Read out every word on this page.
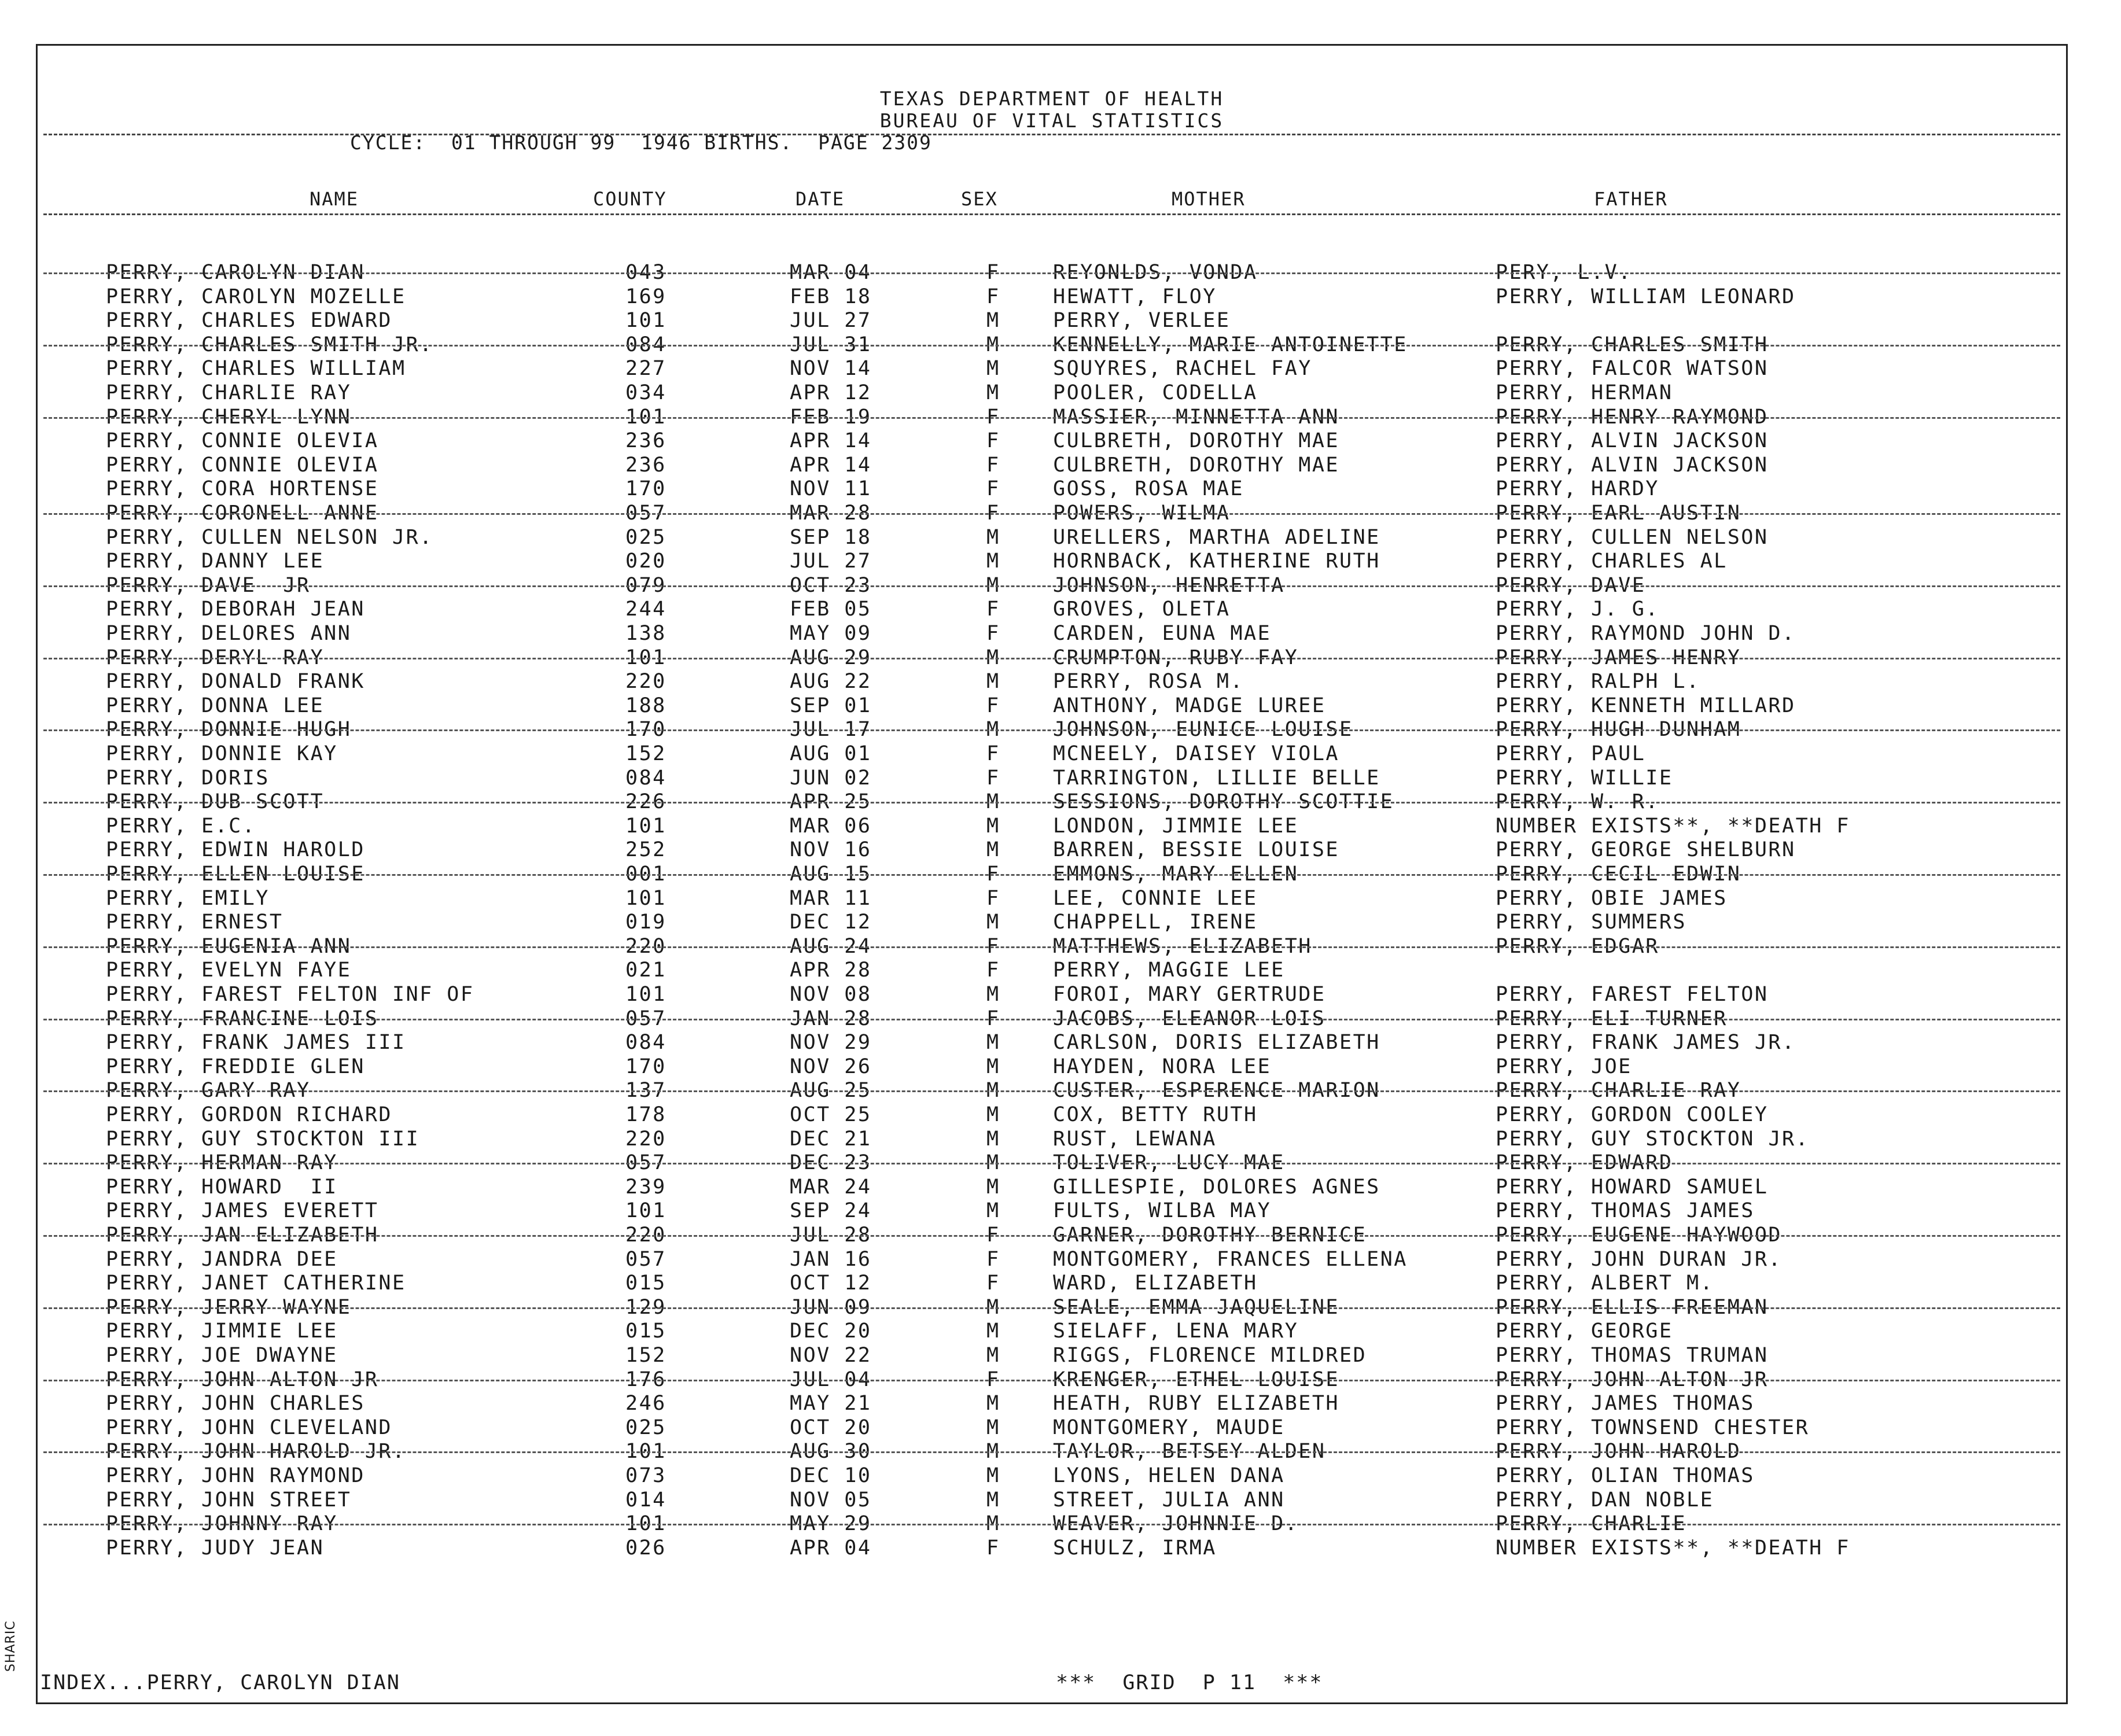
SHARIC
TEXAS DEPARTMENT OF HEALTH
BUREAU OF VITAL STATISTICS
CYCLE:  01 THROUGH 99  1946 BIRTHS.  PAGE 2309
NAME	COUNTY	DATE	SEX	MOTHER	FATHER
PERRY, CAROLYN DIAN	043	MAR 04	F	REYONLDS, VONDA	PERY, L.V.
PERRY, CAROLYN MOZELLE	169	FEB 18	F	HEWATT, FLOY	PERRY, WILLIAM LEONARD
PERRY, CHARLES EDWARD	101	JUL 27	M	PERRY, VERLEE
PERRY, CHARLES SMITH JR.	084	JUL 31	M	KENNELLY, MARIE ANTOINETTE	PERRY, CHARLES SMITH
PERRY, CHARLES WILLIAM	227	NOV 14	M	SQUYRES, RACHEL FAY	PERRY, FALCOR WATSON
PERRY, CHARLIE RAY	034	APR 12	M	POOLER, CODELLA	PERRY, HERMAN
PERRY, CHERYL LYNN	101	FEB 19	F	MASSIER, MINNETTA ANN	PERRY, HENRY RAYMOND
PERRY, CONNIE OLEVIA	236	APR 14	F	CULBRETH, DOROTHY MAE	PERRY, ALVIN JACKSON
PERRY, CONNIE OLEVIA	236	APR 14	F	CULBRETH, DOROTHY MAE	PERRY, ALVIN JACKSON
PERRY, CORA HORTENSE	170	NOV 11	F	GOSS, ROSA MAE	PERRY, HARDY
PERRY, CORONELL ANNE	057	MAR 28	F	POWERS, WILMA	PERRY, EARL AUSTIN
PERRY, CULLEN NELSON JR.	025	SEP 18	M	URELLERS, MARTHA ADELINE	PERRY, CULLEN NELSON
PERRY, DANNY LEE	020	JUL 27	M	HORNBACK, KATHERINE RUTH	PERRY, CHARLES AL
PERRY, DAVE  JR	079	OCT 23	M	JOHNSON, HENRETTA	PERRY, DAVE
PERRY, DEBORAH JEAN	244	FEB 05	F	GROVES, OLETA	PERRY, J. G.
PERRY, DELORES ANN	138	MAY 09	F	CARDEN, EUNA MAE	PERRY, RAYMOND JOHN D.
PERRY, DERYL RAY	101	AUG 29	M	CRUMPTON, RUBY FAY	PERRY, JAMES HENRY
PERRY, DONALD FRANK	220	AUG 22	M	PERRY, ROSA M.	PERRY, RALPH L.
PERRY, DONNA LEE	188	SEP 01	F	ANTHONY, MADGE LUREE	PERRY, KENNETH MILLARD
PERRY, DONNIE HUGH	170	JUL 17	M	JOHNSON, EUNICE LOUISE	PERRY, HUGH DUNHAM
PERRY, DONNIE KAY	152	AUG 01	F	MCNEELY, DAISEY VIOLA	PERRY, PAUL
PERRY, DORIS	084	JUN 02	F	TARRINGTON, LILLIE BELLE	PERRY, WILLIE
PERRY, DUB SCOTT	226	APR 25	M	SESSIONS, DOROTHY SCOTTIE	PERRY, W. R.
PERRY, E.C.	101	MAR 06	M	LONDON, JIMMIE LEE	NUMBER EXISTS**, **DEATH F
PERRY, EDWIN HAROLD	252	NOV 16	M	BARREN, BESSIE LOUISE	PERRY, GEORGE SHELBURN
PERRY, ELLEN LOUISE	001	AUG 15	F	EMMONS, MARY ELLEN	PERRY, CECIL EDWIN
PERRY, EMILY	101	MAR 11	F	LEE, CONNIE LEE	PERRY, OBIE JAMES
PERRY, ERNEST	019	DEC 12	M	CHAPPELL, IRENE	PERRY, SUMMERS
PERRY, EUGENIA ANN	220	AUG 24	F	MATTHEWS, ELIZABETH	PERRY, EDGAR
PERRY, EVELYN FAYE	021	APR 28	F	PERRY, MAGGIE LEE
PERRY, FAREST FELTON INF OF	101	NOV 08	M	FOROI, MARY GERTRUDE	PERRY, FAREST FELTON
PERRY, FRANCINE LOIS	057	JAN 28	F	JACOBS, ELEANOR LOIS	PERRY, ELI TURNER
PERRY, FRANK JAMES III	084	NOV 29	M	CARLSON, DORIS ELIZABETH	PERRY, FRANK JAMES JR.
PERRY, FREDDIE GLEN	170	NOV 26	M	HAYDEN, NORA LEE	PERRY, JOE
PERRY, GARY RAY	137	AUG 25	M	CUSTER, ESPERENCE MARION	PERRY, CHARLIE RAY
PERRY, GORDON RICHARD	178	OCT 25	M	COX, BETTY RUTH	PERRY, GORDON COOLEY
PERRY, GUY STOCKTON III	220	DEC 21	M	RUST, LEWANA	PERRY, GUY STOCKTON JR.
PERRY, HERMAN RAY	057	DEC 23	M	TOLIVER, LUCY MAE	PERRY, EDWARD
PERRY, HOWARD  II	239	MAR 24	M	GILLESPIE, DOLORES AGNES	PERRY, HOWARD SAMUEL
PERRY, JAMES EVERETT	101	SEP 24	M	FULTS, WILBA MAY	PERRY, THOMAS JAMES
PERRY, JAN ELIZABETH	220	JUL 28	F	GARNER, DOROTHY BERNICE	PERRY, EUGENE HAYWOOD
PERRY, JANDRA DEE	057	JAN 16	F	MONTGOMERY, FRANCES ELLENA	PERRY, JOHN DURAN JR.
PERRY, JANET CATHERINE	015	OCT 12	F	WARD, ELIZABETH	PERRY, ALBERT M.
PERRY, JERRY WAYNE	129	JUN 09	M	SEALE, EMMA JAQUELINE	PERRY, ELLIS FREEMAN
PERRY, JIMMIE LEE	015	DEC 20	M	SIELAFF, LENA MARY	PERRY, GEORGE
PERRY, JOE DWAYNE	152	NOV 22	M	RIGGS, FLORENCE MILDRED	PERRY, THOMAS TRUMAN
PERRY, JOHN ALTON JR	176	JUL 04	F	KRENGER, ETHEL LOUISE	PERRY, JOHN ALTON JR
PERRY, JOHN CHARLES	246	MAY 21	M	HEATH, RUBY ELIZABETH	PERRY, JAMES THOMAS
PERRY, JOHN CLEVELAND	025	OCT 20	M	MONTGOMERY, MAUDE	PERRY, TOWNSEND CHESTER
PERRY, JOHN HAROLD JR.	101	AUG 30	M	TAYLOR, BETSEY ALDEN	PERRY, JOHN HAROLD
PERRY, JOHN RAYMOND	073	DEC 10	M	LYONS, HELEN DANA	PERRY, OLIAN THOMAS
PERRY, JOHN STREET	014	NOV 05	M	STREET, JULIA ANN	PERRY, DAN NOBLE
PERRY, JOHNNY RAY	101	MAY 29	M	WEAVER, JOHNNIE D.	PERRY, CHARLIE
PERRY, JUDY JEAN	026	APR 04	F	SCHULZ, IRMA	NUMBER EXISTS**, **DEATH F
INDEX...PERRY, CAROLYN DIAN	***  GRID  P 11  ***
